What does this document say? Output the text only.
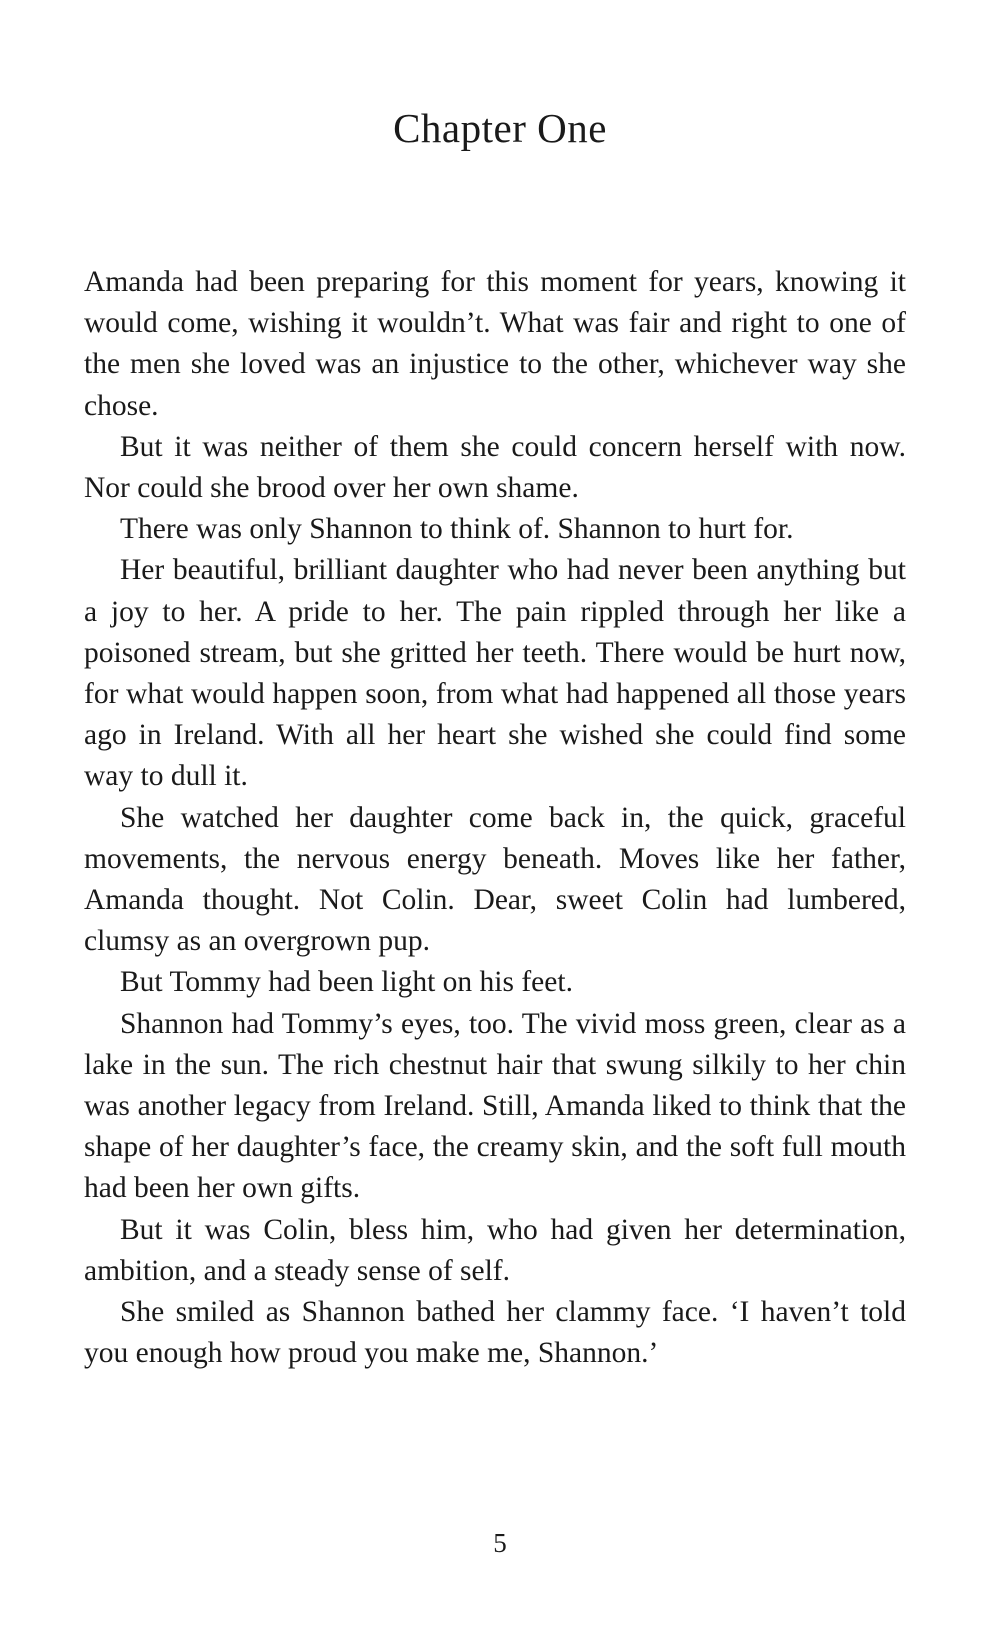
Chapter One

Amanda had been preparing for this moment for years, knowing it would come, wishing it wouldn’t. What was fair and right to one of the men she loved was an injustice to the other, whichever way she chose.

But it was neither of them she could concern herself with now. Nor could she brood over her own shame.

There was only Shannon to think of. Shannon to hurt for.

Her beautiful, brilliant daughter who had never been anything but a joy to her. A pride to her. The pain rippled through her like a poisoned stream, but she gritted her teeth. There would be hurt now, for what would happen soon, from what had happened all those years ago in Ireland. With all her heart she wished she could find some way to dull it.

She watched her daughter come back in, the quick, graceful movements, the nervous energy beneath. Moves like her father, Amanda thought. Not Colin. Dear, sweet Colin had lumbered, clumsy as an overgrown pup.

But Tommy had been light on his feet.

Shannon had Tommy’s eyes, too. The vivid moss green, clear as a lake in the sun. The rich chestnut hair that swung silkily to her chin was another legacy from Ireland. Still, Amanda liked to think that the shape of her daughter’s face, the creamy skin, and the soft full mouth had been her own gifts.

But it was Colin, bless him, who had given her determination, ambition, and a steady sense of self.

She smiled as Shannon bathed her clammy face. ‘I haven’t told you enough how proud you make me, Shannon.’

5
